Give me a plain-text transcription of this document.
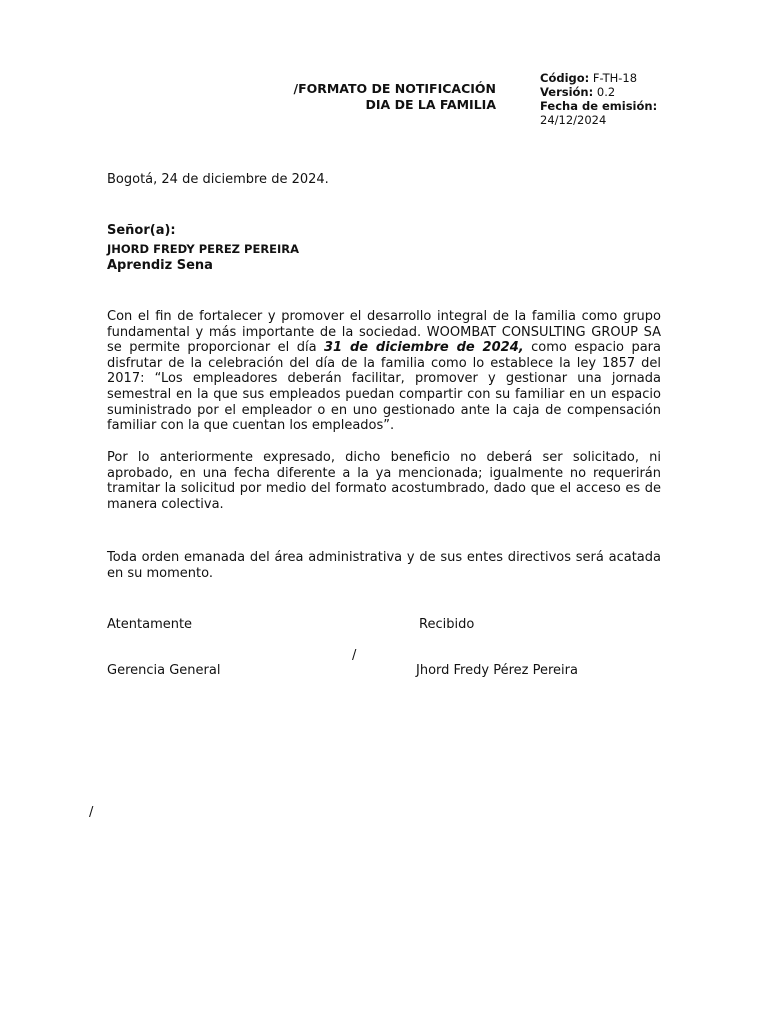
/FORMATO DE NOTIFICACIÓN
DIA DE LA FAMILIA
Código: F-TH-18
Versión: 0.2
Fecha de emisión:
24/12/2024
Bogotá, 24 de diciembre de 2024.
Señor(a):
JHORD FREDY PEREZ PEREIRA
Aprendiz Sena
Con el fin de fortalecer y promover el desarrollo integral de la familia como grupo fundamental y más importante de la sociedad. WOOMBAT CONSULTING GROUP SA se permite proporcionar el día 31 de diciembre de 2024, como espacio para disfrutar de la celebración del día de la familia como lo establece la ley 1857 del 2017: “Los empleadores deberán facilitar, promover y gestionar una jornada semestral en la que sus empleados puedan compartir con su familiar en un espacio suministrado por el empleador o en uno gestionado ante la caja de compensación familiar con la que cuentan los empleados”.
Por lo anteriormente expresado, dicho beneficio no deberá ser solicitado, ni aprobado, en una fecha diferente a la ya mencionada; igualmente no requerirán tramitar la solicitud por medio del formato acostumbrado, dado que el acceso es de manera colectiva.
Toda orden emanada del área administrativa y de sus entes directivos será acatada en su momento.
Atentamente	Recibido
/
Gerencia General	Jhord Fredy Pérez Pereira
/
